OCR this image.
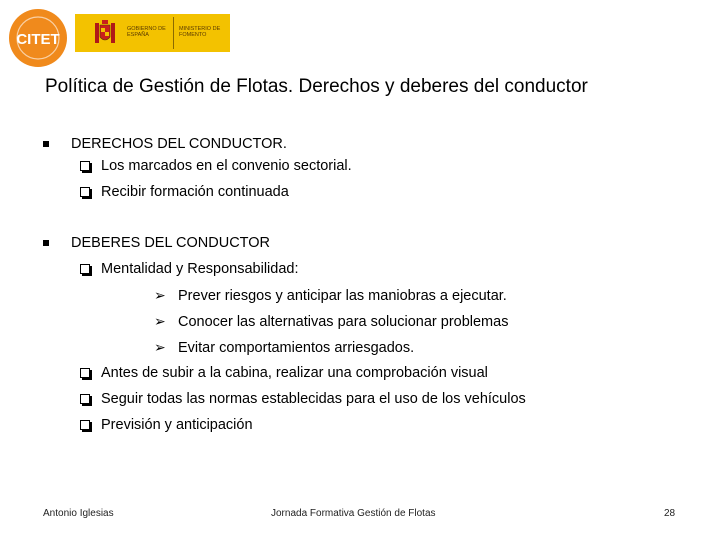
CITET
GOBIERNO DE ESPAÑA
MINISTERIO DE FOMENTO
Política de Gestión de Flotas. Derechos y deberes del conductor
DERECHOS DEL CONDUCTOR.
Los marcados en el convenio sectorial.
Recibir formación continuada
DEBERES DEL CONDUCTOR
Mentalidad y Responsabilidad:
➢ Prever riesgos y anticipar las maniobras a ejecutar.
➢ Conocer las alternativas para solucionar problemas
➢ Evitar comportamientos arriesgados.
Antes de subir a la cabina, realizar una comprobación visual
Seguir todas las normas establecidas para el uso de los vehículos
Previsión y anticipación
Antonio Iglesias	Jornada Formativa Gestión de Flotas	28
